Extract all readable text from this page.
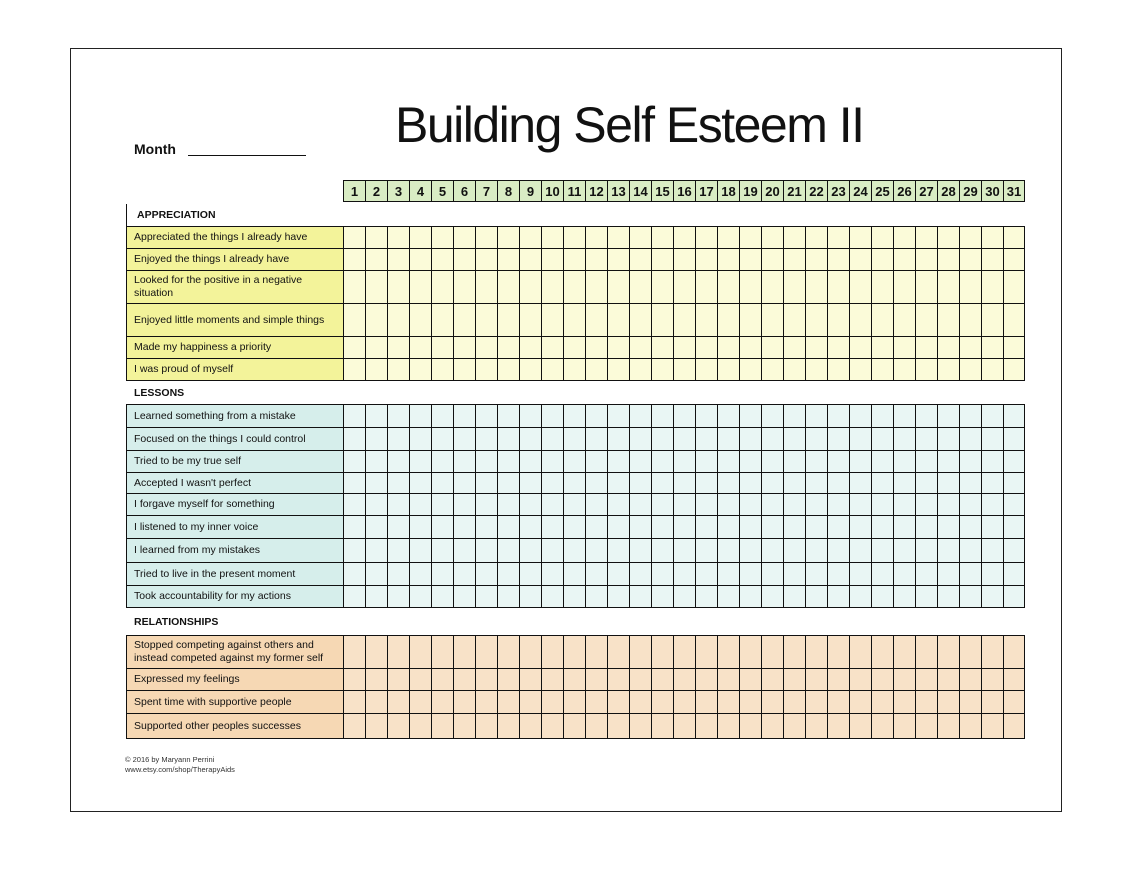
Building Self Esteem II
Month
1	2	3	4	5	6	7	8	9 10 11 12 13 14 15 16 17 18 19 20 21 22 23 24 25 26 27 28 29 30 31
APPRECIATION
Appreciated the things I already have
Enjoyed the things I already have
Looked for the positive in a negative situation
Enjoyed little moments and simple things
Made my happiness a priority
I was proud of myself
LESSONS
Learned something from a mistake
Focused on the things I could control
Tried to be my true self
Accepted I wasn't perfect
I forgave myself for something
I listened to my inner voice
I learned from my mistakes
Tried to live in the present moment
Took accountability for my actions
RELATIONSHIPS
Stopped competing against others and instead competed against my former self
Expressed my feelings
Spent time with supportive people
Supported other peoples successes
© 2016 by Maryann Perrini
www.etsy.com/shop/TherapyAids
